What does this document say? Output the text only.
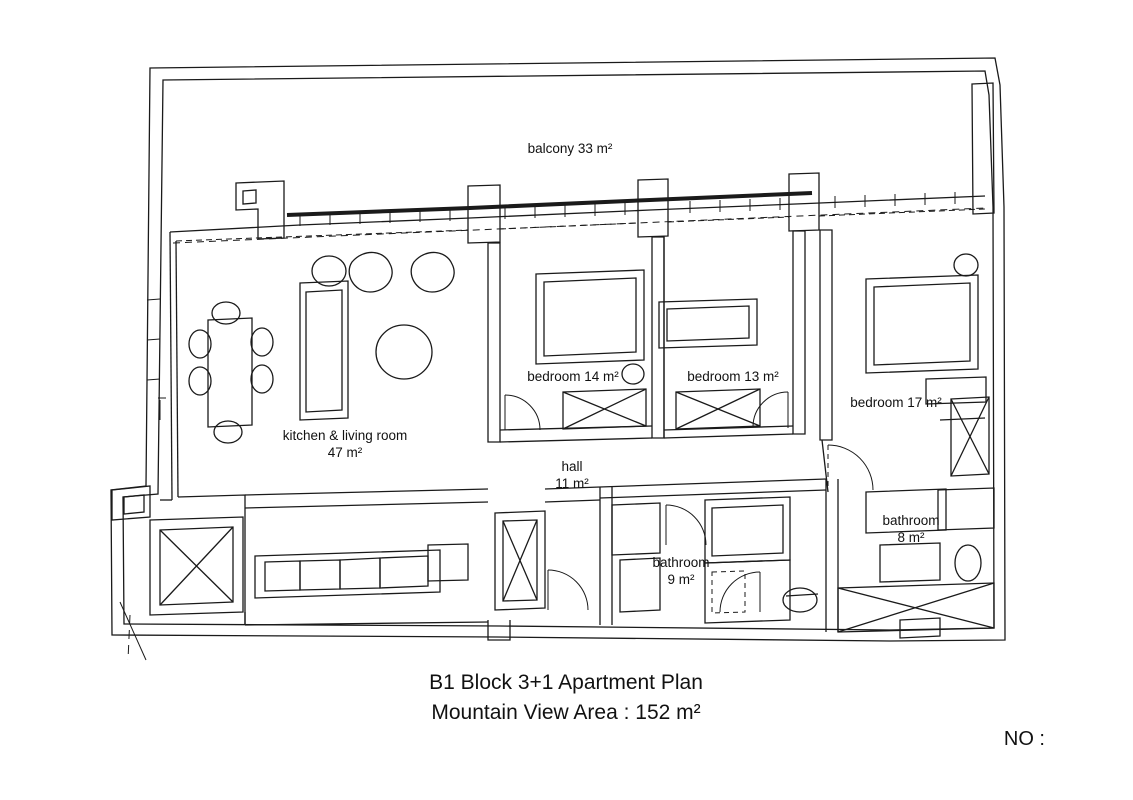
balcony 33 m²
kitchen & living room
47 m²
bedroom 14 m²	bedroom 13 m²
bedroom 17 m²
hall
11 m²
bathroom
9 m²
bathroom
8 m²
B1 Block 3+1 Apartment Plan
Mountain View Area : 152 m²
NO :
